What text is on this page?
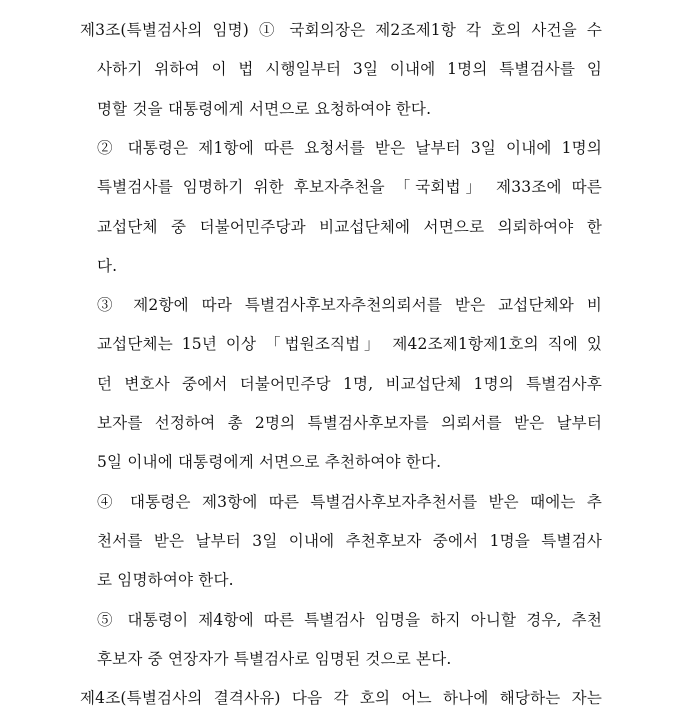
제3조(특별검사의 임명) ① 국회의장은 제2조제1항 각 호의 사건을 수
사하기 위하여 이 법 시행일부터 3일 이내에 1명의 특별검사를 임
명할 것을 대통령에게 서면으로 요청하여야 한다.
② 대통령은 제1항에 따른 요청서를 받은 날부터 3일 이내에 1명의
특별검사를 임명하기 위한 후보자추천을 「국회법」 제33조에 따른
교섭단체 중 더불어민주당과 비교섭단체에 서면으로 의뢰하여야 한
다.
③ 제2항에 따라 특별검사후보자추천의뢰서를 받은 교섭단체와 비
교섭단체는 15년 이상 「법원조직법」 제42조제1항제1호의 직에 있
던 변호사 중에서 더불어민주당 1명, 비교섭단체 1명의 특별검사후
보자를 선정하여 총 2명의 특별검사후보자를 의뢰서를 받은 날부터
5일 이내에 대통령에게 서면으로 추천하여야 한다.
④ 대통령은 제3항에 따른 특별검사후보자추천서를 받은 때에는 추
천서를 받은 날부터 3일 이내에 추천후보자 중에서 1명을 특별검사
로 임명하여야 한다.
⑤ 대통령이 제4항에 따른 특별검사 임명을 하지 아니할 경우, 추천
후보자 중 연장자가 특별검사로 임명된 것으로 본다.
제4조(특별검사의 결격사유) 다음 각 호의 어느 하나에 해당하는 자는
